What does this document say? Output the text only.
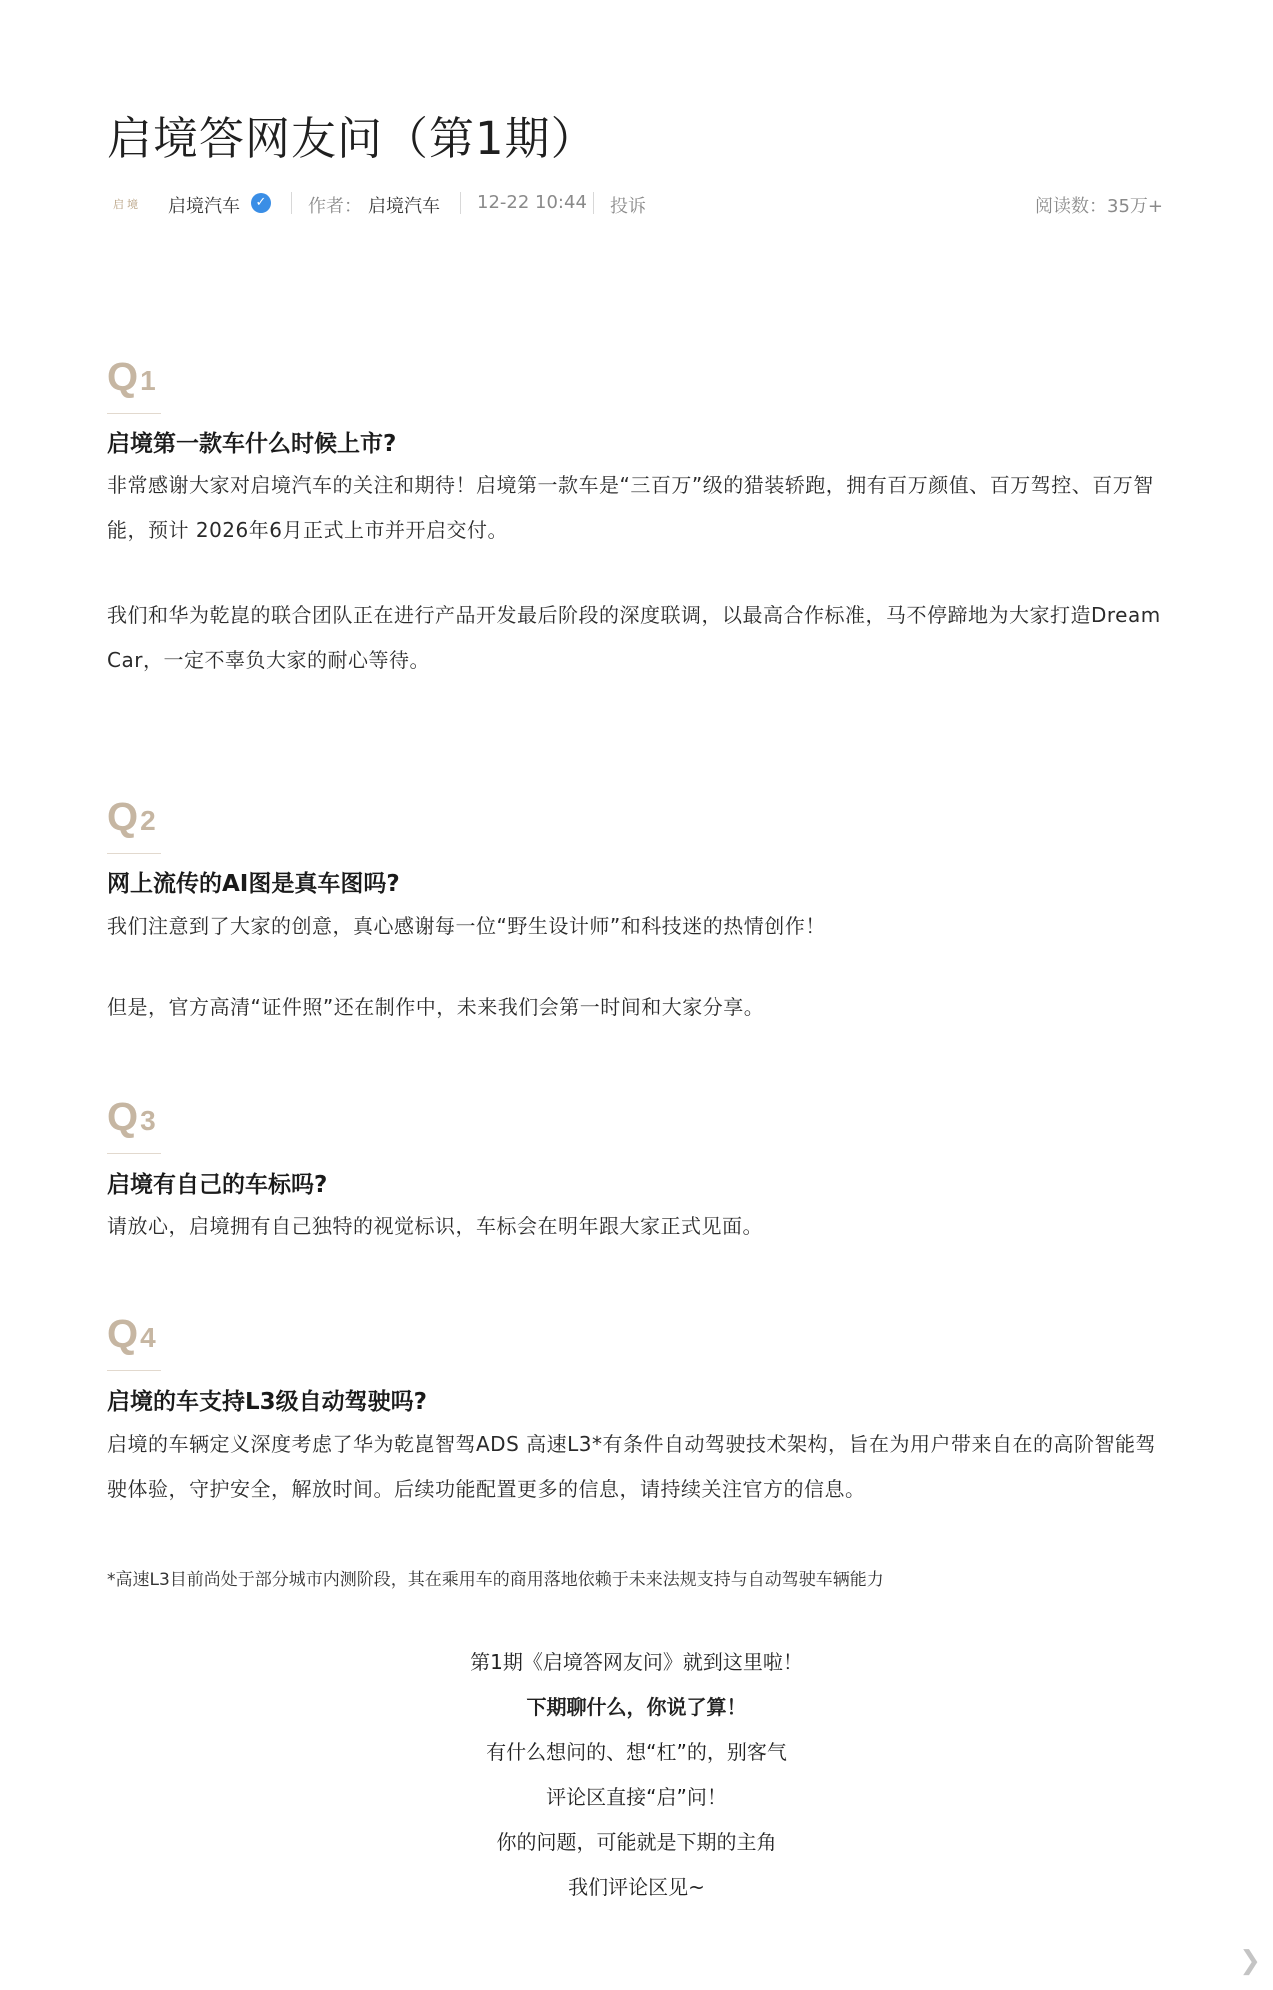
启境答网友问（第1期）
启境 启境汽车	✓ 作者： 启境汽车 12-22 10:44 投诉	阅读数：35万+
Q1
启境第一款车什么时候上市?

非常感谢大家对启境汽车的关注和期待！启境第一款车是“三百万”级的猎装轿跑，拥有百万颜值、百万驾控、百万智能，预计 2026年6月正式上市并开启交付。

我们和华为乾崑的联合团队正在进行产品开发最后阶段的深度联调，以最高合作标准，马不停蹄地为大家打造Dream Car，一定不辜负大家的耐心等待。

Q2
网上流传的AI图是真车图吗?

我们注意到了大家的创意，真心感谢每一位“野生设计师”和科技迷的热情创作！

但是，官方高清“证件照”还在制作中，未来我们会第一时间和大家分享。

Q3
启境有自己的车标吗?

请放心，启境拥有自己独特的视觉标识，车标会在明年跟大家正式见面。

Q4
启境的车支持L3级自动驾驶吗?

启境的车辆定义深度考虑了华为乾崑智驾ADS 高速L3*有条件自动驾驶技术架构，旨在为用户带来自在的高阶智能驾驶体验，守护安全，解放时间。后续功能配置更多的信息，请持续关注官方的信息。

*高速L3目前尚处于部分城市内测阶段，其在乘用车的商用落地依赖于未来法规支持与自动驾驶车辆能力
第1期《启境答网友问》就到这里啦！
下期聊什么，你说了算！
有什么想问的、想“杠”的，别客气
评论区直接“启”问！
你的问题，可能就是下期的主角
我们评论区见~
❯
